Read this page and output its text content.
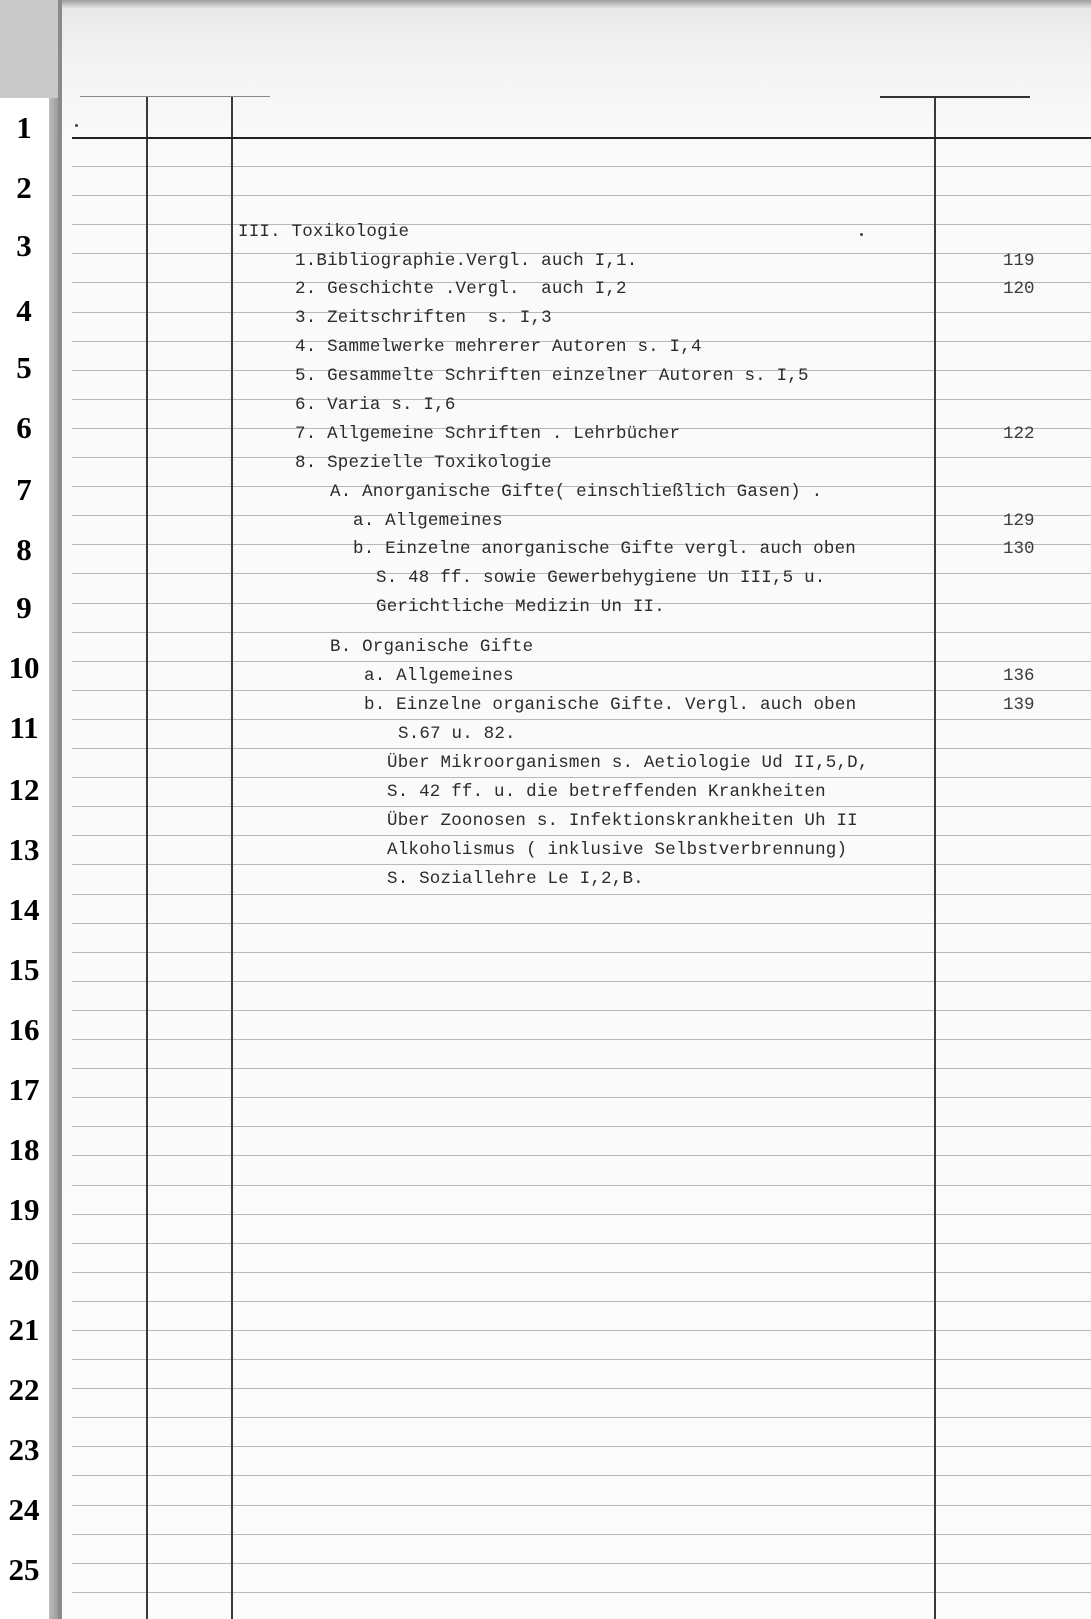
1
2
3
4
5
6
7
8
9
10
11
12
13
14
15
16
17
18
19
20
21
22
23
24
25
III. Toxikologie
1.Bibliographie.Vergl. auch I,1.	119
2. Geschichte .Vergl.  auch I,2	120
3. Zeitschriften  s. I,3
4. Sammelwerke mehrerer Autoren s. I,4
5. Gesammelte Schriften einzelner Autoren s. I,5
6. Varia s. I,6
7. Allgemeine Schriften . Lehrbücher	122
8. Spezielle Toxikologie
A. Anorganische Gifte( einschließlich Gasen) .
a. Allgemeines	129
b. Einzelne anorganische Gifte vergl. auch oben	130
S. 48 ff. sowie Gewerbehygiene Un III,5 u.
Gerichtliche Medizin Un II.
B. Organische Gifte
a. Allgemeines	136
b. Einzelne organische Gifte. Vergl. auch oben	139
S.67 u. 82.
Über Mikroorganismen s. Aetiologie Ud II,5,D,
S. 42 ff. u. die betreffenden Krankheiten
Über Zoonosen s. Infektionskrankheiten Uh II
Alkoholismus ( inklusive Selbstverbrennung)
S. Soziallehre Le I,2,B.
